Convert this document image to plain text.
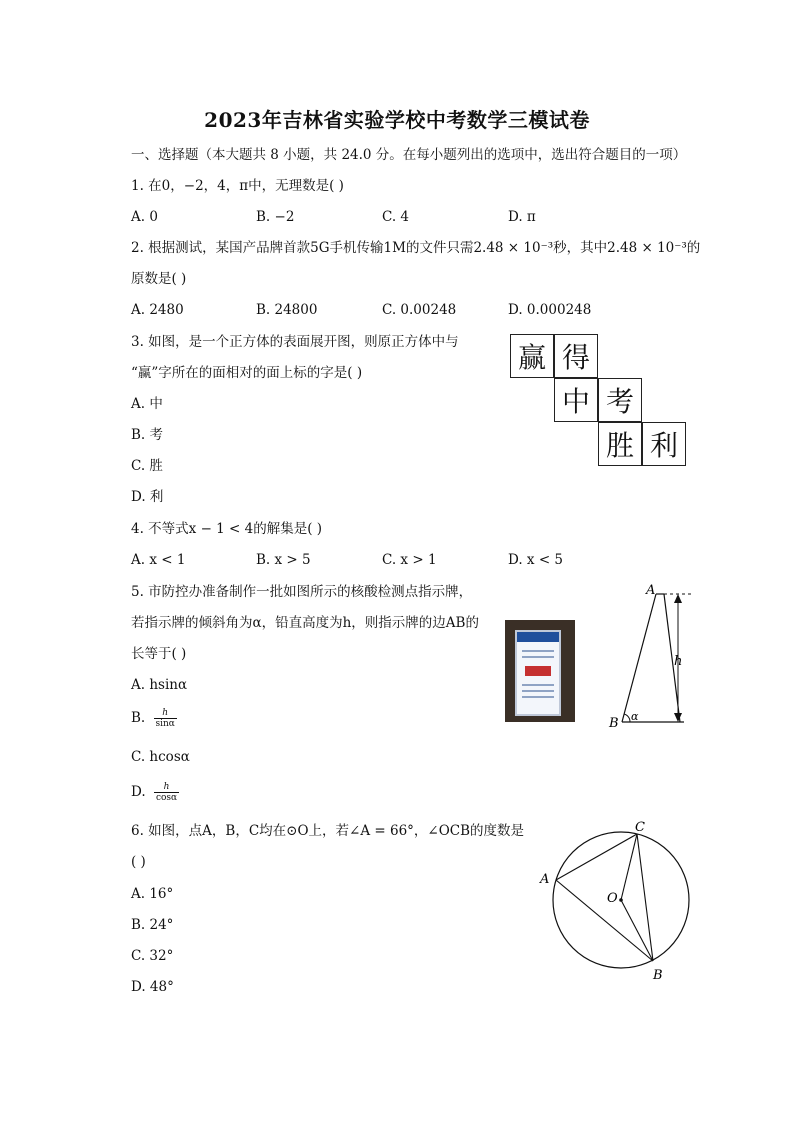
2023年吉林省实验学校中考数学三模试卷
一、选择题（本大题共 8 小题，共 24.0 分。在每小题列出的选项中，选出符合题目的一项）
1. 在0，−2，4，π中，无理数是( )
A. 0	B. −2	C. 4	D. π
2. 根据测试，某国产品牌首款5G手机传输1M的文件只需2.48 × 10⁻³秒，其中2.48 × 10⁻³的
原数是( )
A. 2480	B. 24800	C. 0.00248	D. 0.000248
3. 如图，是一个正方体的表面展开图，则原正方体中与
“赢”字所在的面相对的面上标的字是( )
A. 中
B. 考
C. 胜
D. 利
赢 得
中 考
胜 利
4. 不等式x − 1 < 4的解集是( )
A. x < 1	B. x > 5	C. x > 1	D. x < 5
5. 市防控办准备制作一批如图所示的核酸检测点指示牌，
若指示牌的倾斜角为α，铅直高度为h，则指示牌的边AB的
长等于( )
A. hsinα
B. $\frac{h}{\sin\alpha}$
C. hcosα
D. $\frac{h}{\cos\alpha}$
A
B
h
α
6. 如图，点A，B，C均在⊙O上，若∠A = 66°，∠OCB的度数是
( )
A. 16°
B. 24°
C. 32°
D. 48°
A
B
C
O
